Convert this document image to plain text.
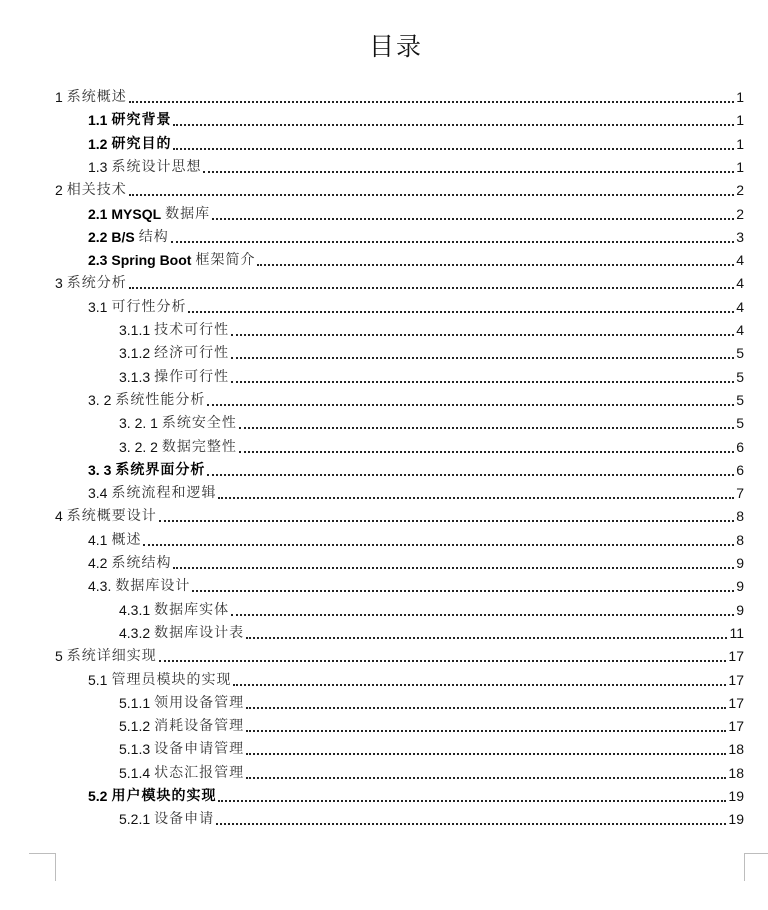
目录
1 系统概述	1
1.1 研究背景	1
1.2 研究目的	1
1.3 系统设计思想	1
2 相关技术	2
2.1 MYSQL 数据库	2
2.2 B/S 结构	3
2.3 Spring Boot 框架简介	4
3 系统分析	4
3.1 可行性分析	4
3.1.1 技术可行性	4
3.1.2 经济可行性	5
3.1.3 操作可行性	5
3. 2 系统性能分析	5
3. 2. 1 系统安全性	5
3. 2. 2 数据完整性	6
3. 3 系统界面分析	6
3.4 系统流程和逻辑	7
4 系统概要设计	8
4.1 概述	8
4.2 系统结构	9
4.3. 数据库设计	9
4.3.1 数据库实体	9
4.3.2 数据库设计表	11
5 系统详细实现	17
5.1 管理员模块的实现	17
5.1.1 领用设备管理	17
5.1.2 消耗设备管理	17
5.1.3 设备申请管理	18
5.1.4 状态汇报管理	18
5.2 用户模块的实现	19
5.2.1 设备申请	19
